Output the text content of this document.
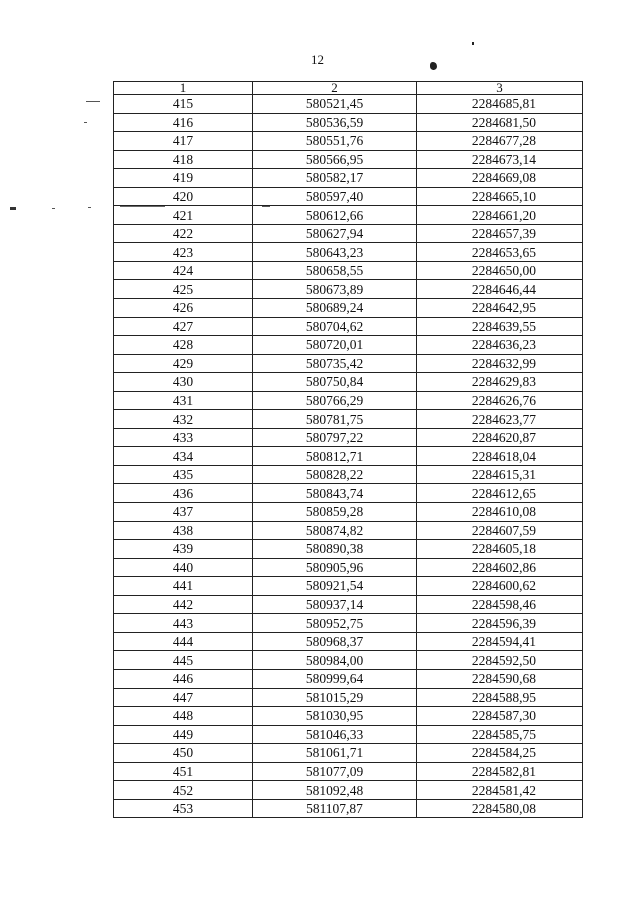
12
1	2	3
415	580521,45	2284685,81
416	580536,59	2284681,50
417	580551,76	2284677,28
418	580566,95	2284673,14
419	580582,17	2284669,08
420	580597,40	2284665,10
421	580612,66	2284661,20
422	580627,94	2284657,39
423	580643,23	2284653,65
424	580658,55	2284650,00
425	580673,89	2284646,44
426	580689,24	2284642,95
427	580704,62	2284639,55
428	580720,01	2284636,23
429	580735,42	2284632,99
430	580750,84	2284629,83
431	580766,29	2284626,76
432	580781,75	2284623,77
433	580797,22	2284620,87
434	580812,71	2284618,04
435	580828,22	2284615,31
436	580843,74	2284612,65
437	580859,28	2284610,08
438	580874,82	2284607,59
439	580890,38	2284605,18
440	580905,96	2284602,86
441	580921,54	2284600,62
442	580937,14	2284598,46
443	580952,75	2284596,39
444	580968,37	2284594,41
445	580984,00	2284592,50
446	580999,64	2284590,68
447	581015,29	2284588,95
448	581030,95	2284587,30
449	581046,33	2284585,75
450	581061,71	2284584,25
451	581077,09	2284582,81
452	581092,48	2284581,42
453	581107,87	2284580,08
